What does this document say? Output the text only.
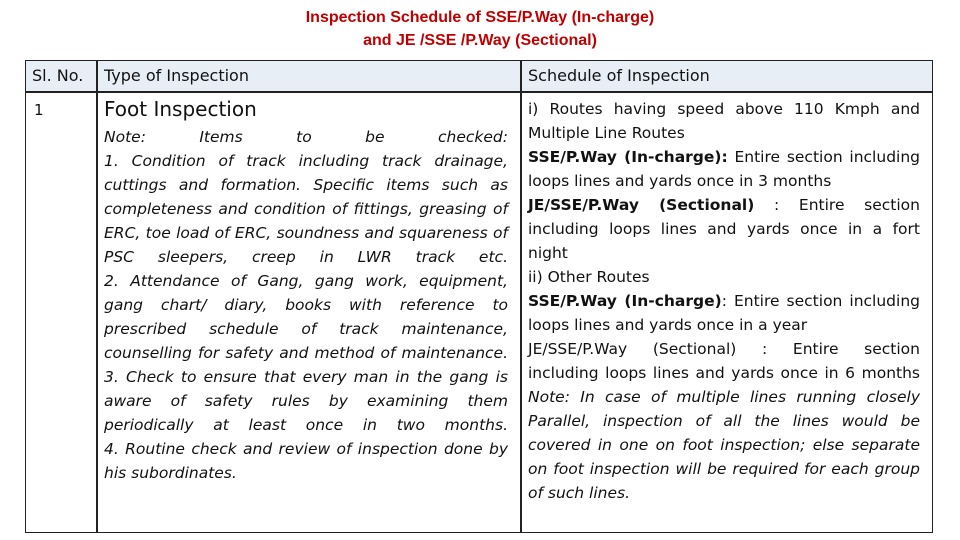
Inspection Schedule of SSE/P.Way (In-charge)
and JE /SSE /P.Way (Sectional)
Sl. No. Type of Inspection	Schedule of Inspection
1	Foot Inspection
Note: Items to be checked:
1. Condition of track including track drainage,
cuttings and formation. Specific items such as
completeness and condition of fittings, greasing of
ERC, toe load of ERC, soundness and squareness of
PSC sleepers, creep in LWR track etc.
2. Attendance of Gang, gang work, equipment,
gang chart/ diary, books with reference to
prescribed schedule of track maintenance,
counselling for safety and method of maintenance.
3. Check to ensure that every man in the gang is
aware of safety rules by examining them
periodically at least once in two months.
4. Routine check and review of inspection done by
his subordinates.
i) Routes having speed above 110 Kmph and
Multiple Line Routes
SSE/P.Way (In-charge): Entire section including
loops lines and yards once in 3 months
JE/SSE/P.Way (Sectional) : Entire section
including loops lines and yards once in a fort
night
ii) Other Routes
SSE/P.Way (In-charge): Entire section including
loops lines and yards once in a year
JE/SSE/P.Way (Sectional) : Entire section
including loops lines and yards once in 6 months
Note: In case of multiple lines running closely
Parallel, inspection of all the lines would be
covered in one on foot inspection; else separate
on foot inspection will be required for each group
of such lines.
